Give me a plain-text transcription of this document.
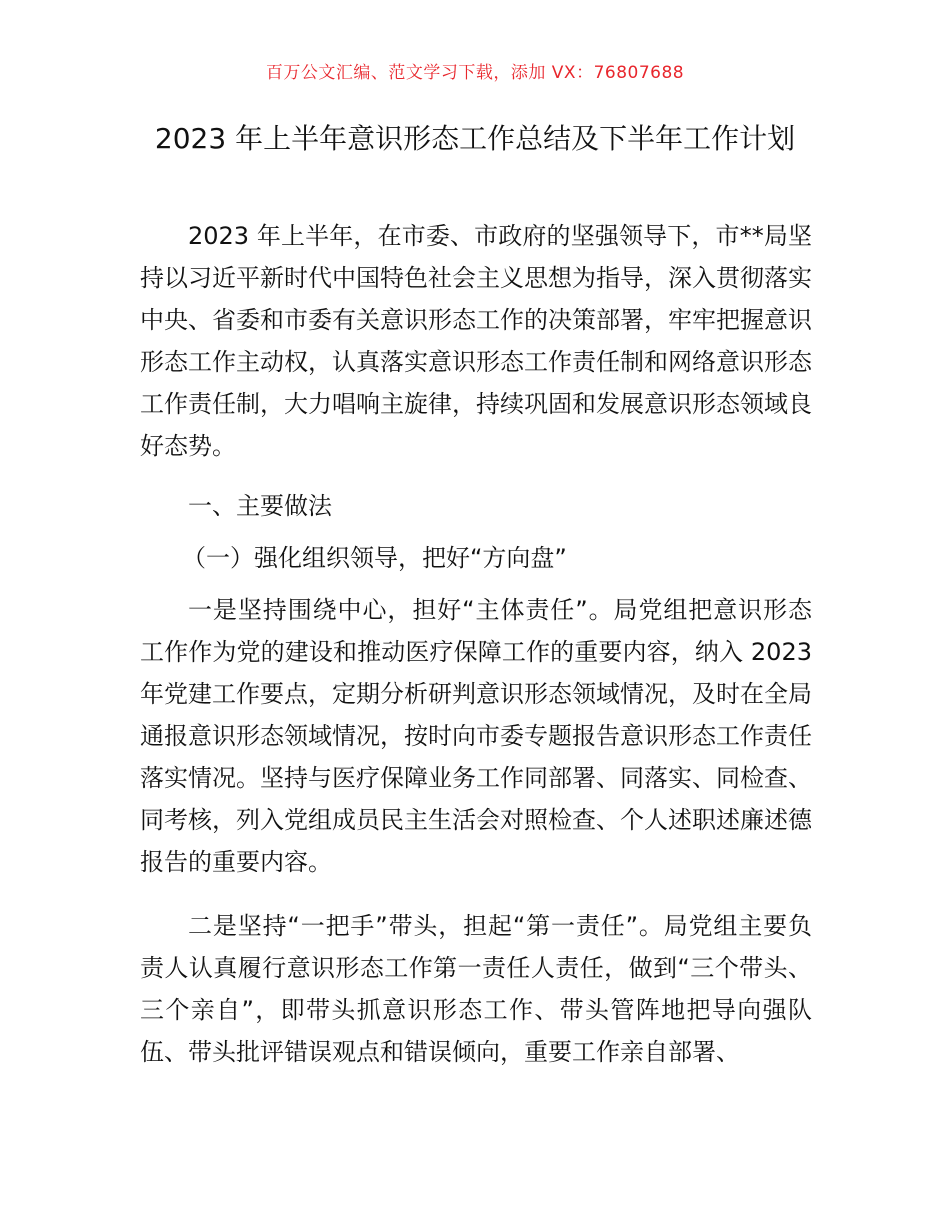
百万公文汇编、范文学习下载，添加 VX：76807688
2023 年上半年意识形态工作总结及下半年工作计划

2023 年上半年，在市委、市政府的坚强领导下，市**局坚持以习近平新时代中国特色社会主义思想为指导，深入贯彻落实中央、省委和市委有关意识形态工作的决策部署，牢牢把握意识形态工作主动权，认真落实意识形态工作责任制和网络意识形态工作责任制，大力唱响主旋律，持续巩固和发展意识形态领域良好态势。

一、主要做法

（一）强化组织领导，把好“方向盘”

一是坚持围绕中心，担好“主体责任”。局党组把意识形态工作作为党的建设和推动医疗保障工作的重要内容，纳入 2023 年党建工作要点，定期分析研判意识形态领域情况，及时在全局通报意识形态领域情况，按时向市委专题报告意识形态工作责任落实情况。坚持与医疗保障业务工作同部署、同落实、同检查、同考核，列入党组成员民主生活会对照检查、个人述职述廉述德报告的重要内容。

二是坚持“一把手”带头，担起“第一责任”。局党组主要负责人认真履行意识形态工作第一责任人责任，做到“三个带头、三个亲自”，即带头抓意识形态工作、带头管阵地把导向强队伍、带头批评错误观点和错误倾向，重要工作亲自部署、
